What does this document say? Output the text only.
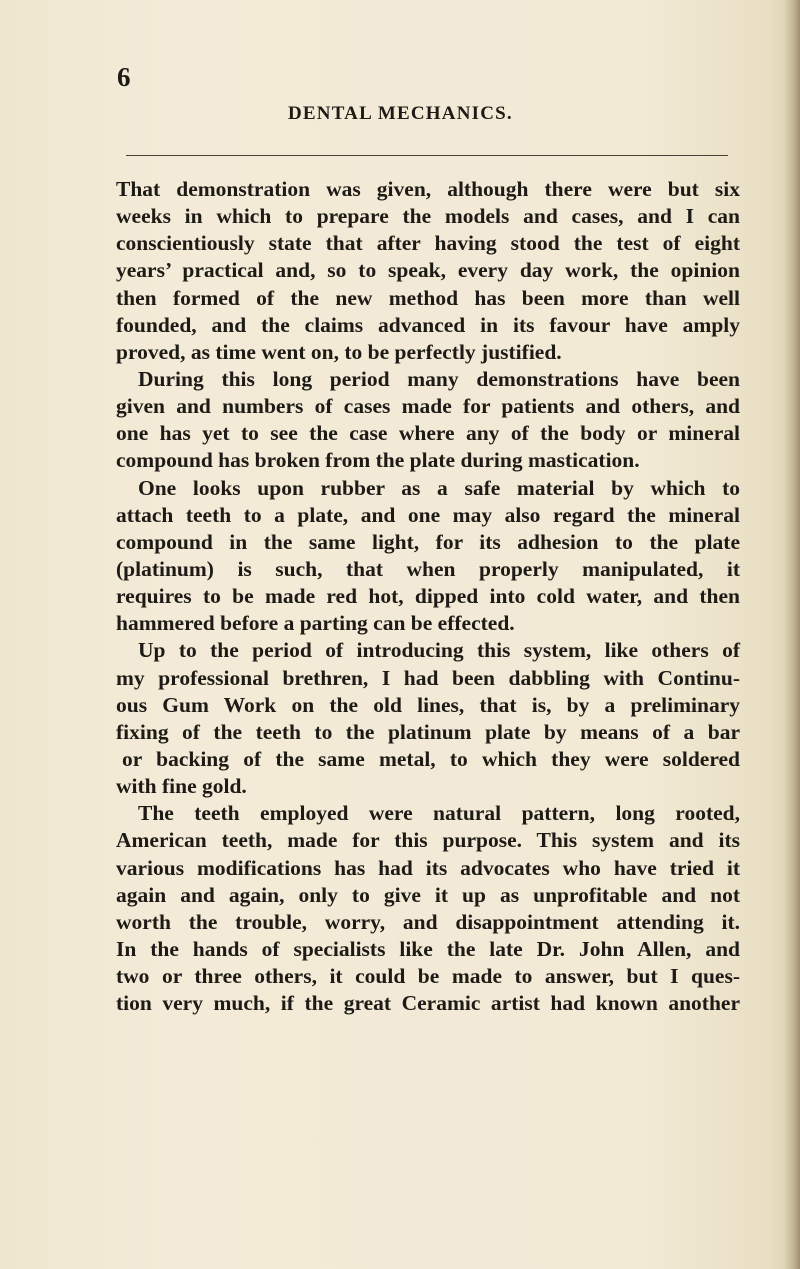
6
DENTAL MECHANICS.
That demonstration was given, although there were but six
weeks in which to prepare the models and cases, and I can
conscientiously state that after having stood the test of eight
years’ practical and, so to speak, every day work, the opinion
then formed of the new method has been more than well
founded, and the claims advanced in its favour have amply
proved, as time went on, to be perfectly justified.
During this long period many demonstrations have been
given and numbers of cases made for patients and others, and
one has yet to see the case where any of the body or mineral
compound has broken from the plate during mastication.
One looks upon rubber as a safe material by which to
attach teeth to a plate, and one may also regard the mineral
compound in the same light, for its adhesion to the plate
(platinum) is such, that when properly manipulated, it
requires to be made red hot, dipped into cold water, and then
hammered before a parting can be effected.
Up to the period of introducing this system, like others of
my professional brethren, I had been dabbling with Continu-
ous Gum Work on the old lines, that is, by a preliminary
fixing of the teeth to the platinum plate by means of a bar
or backing of the same metal, to which they were soldered
with fine gold.
The teeth employed were natural pattern, long rooted,
American teeth, made for this purpose. This system and its
various modifications has had its advocates who have tried it
again and again, only to give it up as unprofitable and not
worth the trouble, worry, and disappointment attending it.
In the hands of specialists like the late Dr. John Allen, and
two or three others, it could be made to answer, but I ques-
tion very much, if the great Ceramic artist had known another
